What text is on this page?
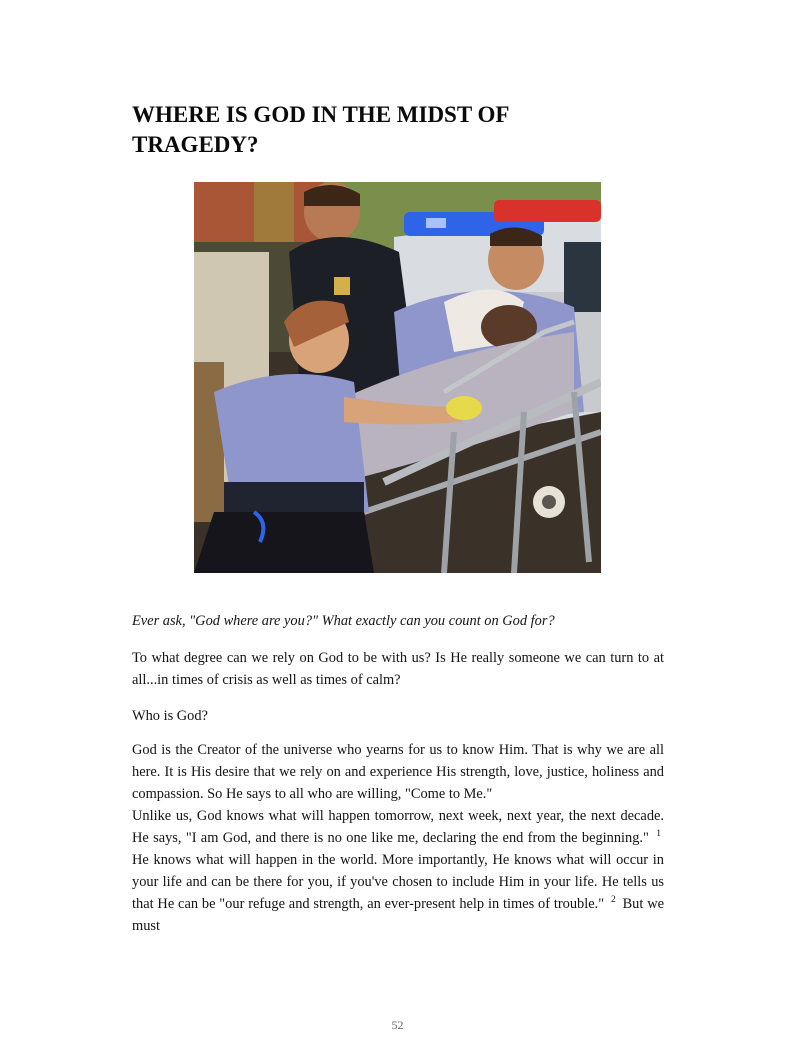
WHERE IS GOD IN THE MIDST OF
TRAGEDY?
Ever ask, "God where are you?" What exactly can you count on God for?
To what degree can we rely on God to be with us? Is He really someone we can turn to at all...in times of crisis as well as times of calm?
Who is God?
God is the Creator of the universe who yearns for us to know Him. That is why we are all here. It is His desire that we rely on and experience His strength, love, justice, holiness and compassion. So He says to all who are willing, "Come to Me."
Unlike us, God knows what will happen tomorrow, next week, next year, the next decade. He says, "I am God, and there is no one like me, declaring the end from the beginning." $^1$ He knows what will happen in the world. More importantly, He knows what will occur in your life and can be there for you, if you've chosen to include Him in your life. He tells us that He can be "our refuge and strength, an ever-present help in times of trouble." $^2$ But we must
52
